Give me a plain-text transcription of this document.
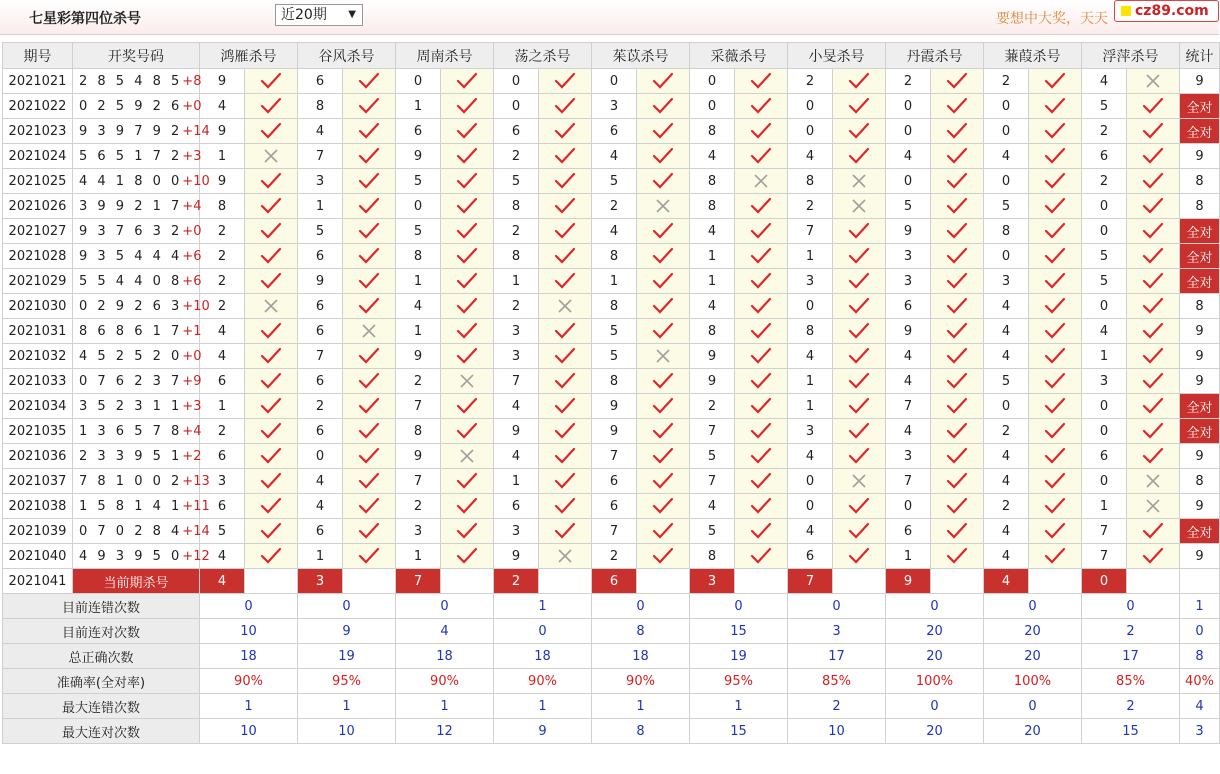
七星彩第四位杀号	近20期 ▼	要想中大奖，天天	cz89.com
期号	开奖号码	鸿雁杀号		谷风杀号		周南杀号		荡之杀号		茱苡杀号		采薇杀号		小旻杀号		丹霞杀号		蒹葭杀号		浮萍杀号		统计
2021021	2 8 5 4 8 5+8	9		6		0		0		0		0		2		2		2		4		9
2021022	0 2 5 9 2 6+0	4		8		1		0		3		0		0		0		0		5		全对
2021023	9 3 9 7 9 2+14	9		4		6		6		6		8		0		0		0		2		全对
2021024	5 6 5 1 7 2+3	1		7		9		2		4		4		4		4		4		6		9
2021025	4 4 1 8 0 0+10	9		3		5		5		5		8		8		0		0		2		8
2021026	3 9 9 2 1 7+4	8		1		0		8		2		8		2		5		5		0		8
2021027	9 3 7 6 3 2+0	2		5		5		2		4		4		7		9		8		0		全对
2021028	9 3 5 4 4 4+6	2		6		8		8		8		1		1		3		0		5		全对
2021029	5 5 4 4 0 8+6	2		9		1		1		1		1		3		3		3		5		全对
2021030	0 2 9 2 6 3+10	2		6		4		2		8		4		0		6		4		0		8
2021031	8 6 8 6 1 7+1	4		6		1		3		5		8		8		9		4		4		9
2021032	4 5 2 5 2 0+0	4		7		9		3		5		9		4		4		4		1		9
2021033	0 7 6 2 3 7+9	6		6		2		7		8		9		1		4		5		3		9
2021034	3 5 2 3 1 1+3	1		2		7		4		9		2		1		7		0		0		全对
2021035	1 3 6 5 7 8+4	2		6		8		9		9		7		3		4		2		0		全对
2021036	2 3 3 9 5 1+2	6		0		9		4		7		5		4		3		4		6		9
2021037	7 8 1 0 0 2+13	3		4		7		1		6		7		0		7		4		0		8
2021038	1 5 8 1 4 1+11	6		4		2		6		6		4		0		0		2		1		9
2021039	0 7 0 2 8 4+14	5		6		3		3		7		5		4		6		4		7		全对
2021040	4 9 3 9 5 0+12	4		1		1		9		2		8		6		1		4		7		9
2021041	当前期杀号	4		3		7		2		6		3		7		9		4		0		
目前连错次数		0		0		0		1		0		0		0		0		0		0		1
目前连对次数		10		9		4		0		8		15		3		20		20		2		0
总正确次数		18		19		18		18		18		19		17		20		20		17		8
准确率(全对率)		90%		95%		90%		90%		90%		95%		85%		100%		100%		85%		40%
最大连错次数		1		1		1		1		1		1		2		0		0		2		4
最大连对次数		10		10		12		9		8		15		10		20		20		15		3
